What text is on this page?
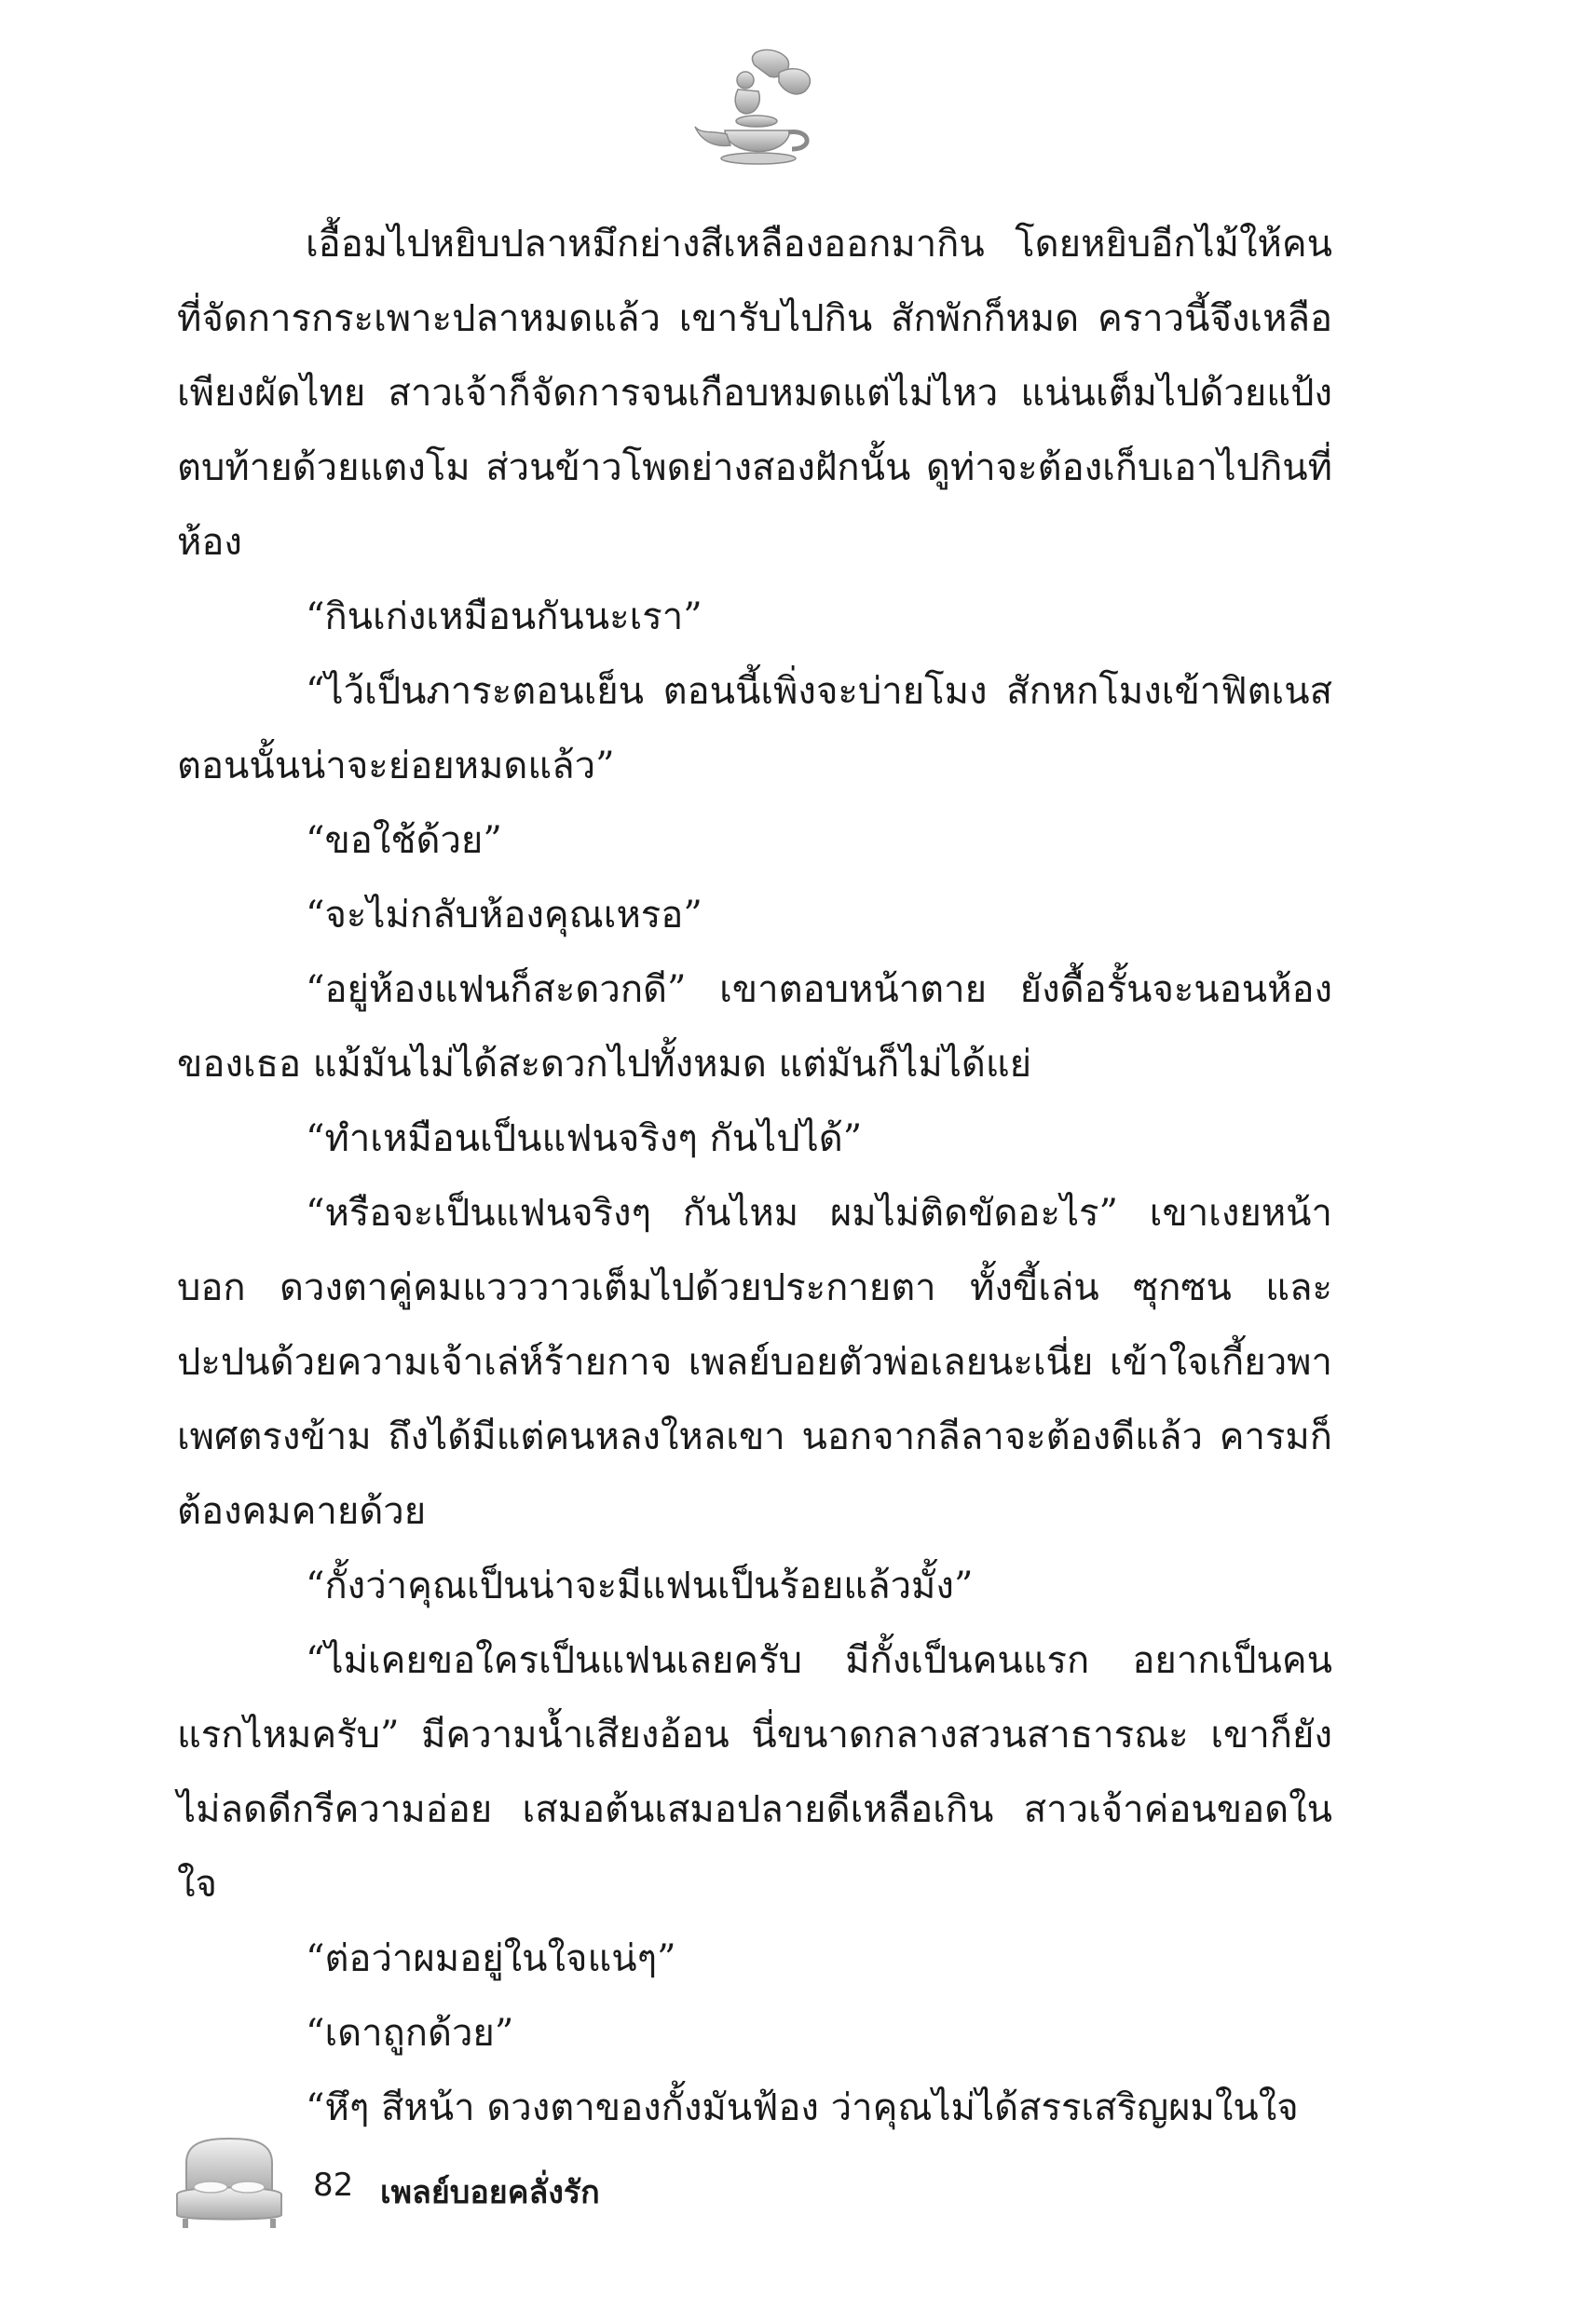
เอื้อมไปหยิบปลาหมึกย่างสีเหลืองออกมากิน โดยหยิบอีกไม้ให้คนที่จัดการกระเพาะปลาหมดแล้ว เขารับไปกิน สักพักก็หมด คราวนี้จึงเหลือเพียงผัดไทย สาวเจ้าก็จัดการจนเกือบหมดแต่ไม่ไหว แน่นเต็มไปด้วยแป้ง ตบท้ายด้วยแตงโม ส่วนข้าวโพดย่างสองฝักนั้น ดูท่าจะต้องเก็บเอาไปกินที่ห้อง

“กินเก่งเหมือนกันนะเรา”

“ไว้เป็นภาระตอนเย็น ตอนนี้เพิ่งจะบ่ายโมง สักหกโมงเข้าฟิตเนสตอนนั้นน่าจะย่อยหมดแล้ว”

“ขอใช้ด้วย”

“จะไม่กลับห้องคุณเหรอ”

“อยู่ห้องแฟนก็สะดวกดี” เขาตอบหน้าตาย ยังดื้อรั้นจะนอนห้องของเธอ แม้มันไม่ได้สะดวกไปทั้งหมด แต่มันก็ไม่ได้แย่

“ทำเหมือนเป็นแฟนจริงๆ กันไปได้”

“หรือจะเป็นแฟนจริงๆ กันไหม ผมไม่ติดขัดอะไร” เขาเงยหน้าบอก ดวงตาคู่คมแวววาวเต็มไปด้วยประกายตา ทั้งขี้เล่น ซุกซน และปะปนด้วยความเจ้าเล่ห์ร้ายกาจ เพลย์บอยตัวพ่อเลยนะเนี่ย เข้าใจเกี้ยวพาเพศตรงข้าม ถึงได้มีแต่คนหลงใหลเขา นอกจากลีลาจะต้องดีแล้ว คารมก็ต้องคมคายด้วย

“กั้งว่าคุณเป็นน่าจะมีแฟนเป็นร้อยแล้วมั้ง”

“ไม่เคยขอใครเป็นแฟนเลยครับ มีกั้งเป็นคนแรก อยากเป็นคนแรกไหมครับ” มีความน้ำเสียงอ้อน นี่ขนาดกลางสวนสาธารณะ เขาก็ยังไม่ลดดีกรีความอ่อย เสมอต้นเสมอปลายดีเหลือเกิน สาวเจ้าค่อนขอดในใจ

“ต่อว่าผมอยู่ในใจแน่ๆ”

“เดาถูกด้วย”

“หึๆ สีหน้า ดวงตาของกั้งมันฟ้อง ว่าคุณไม่ได้สรรเสริญผมในใจ

82 เพลย์บอยคลั่งรัก
